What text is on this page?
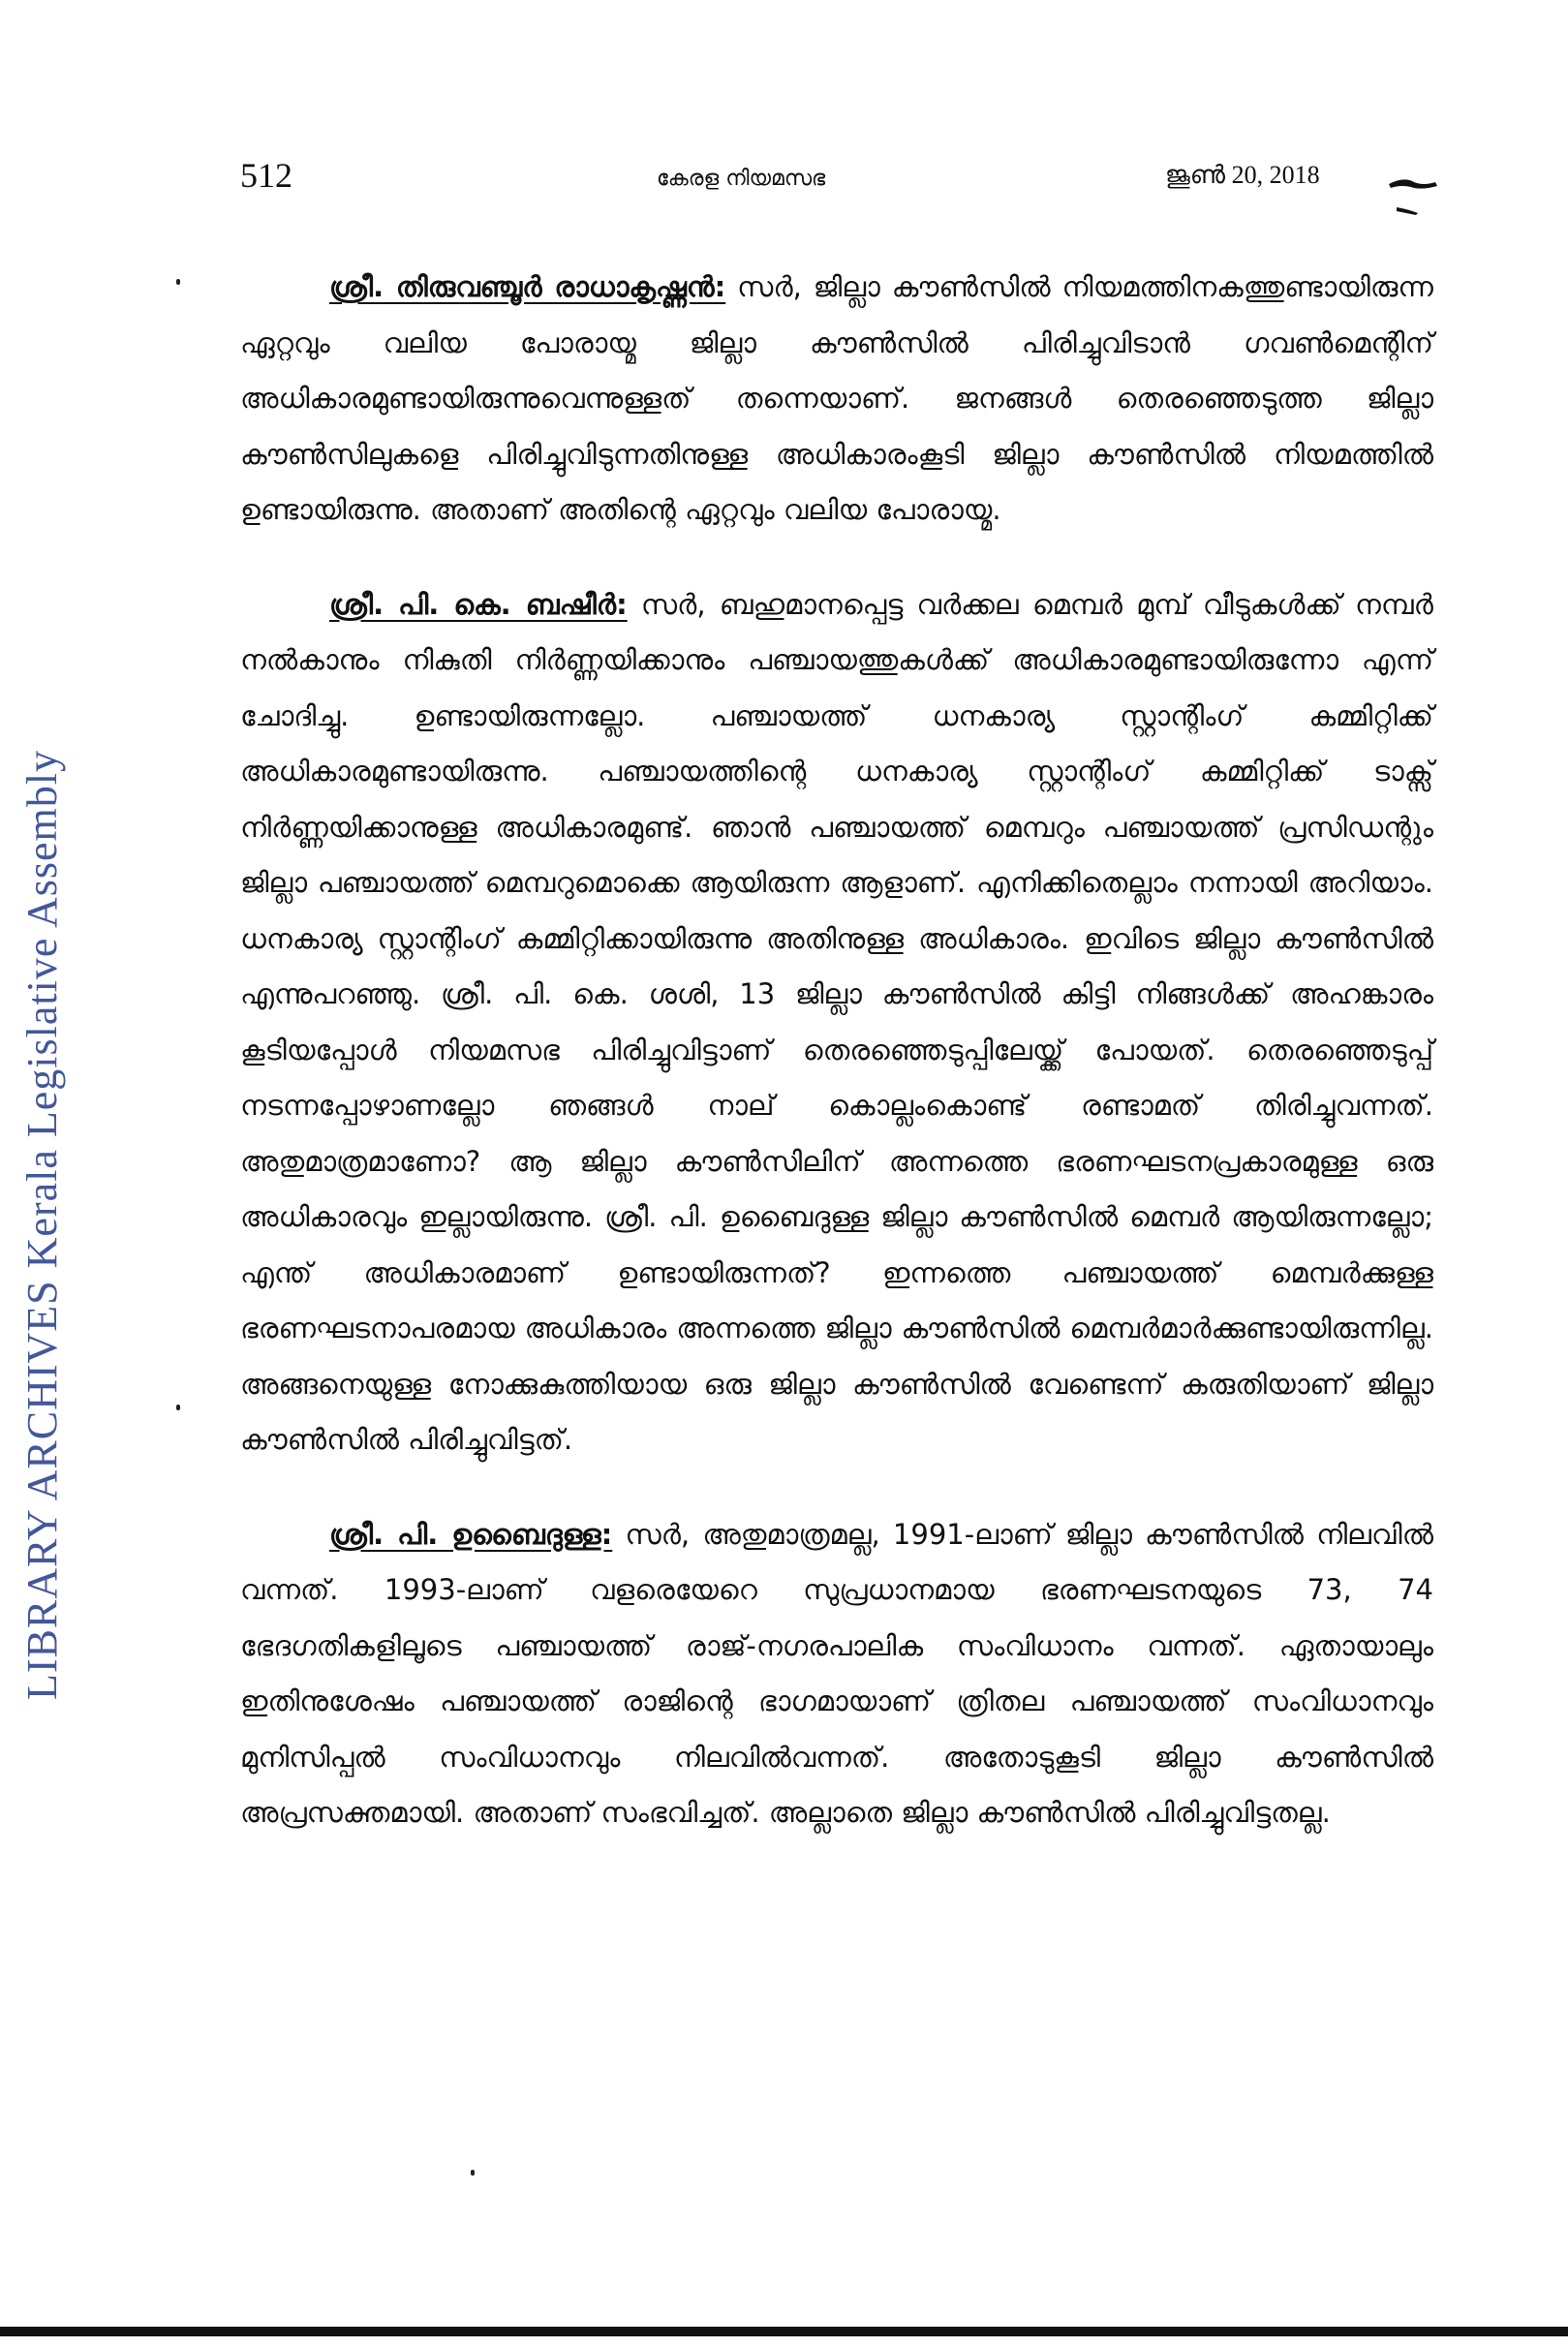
LIBRARY ARCHIVES Kerala Legislative Assembly
512	കേരള നിയമസഭ	ജൂൺ 20, 2018

ശ്രീ. തിരുവഞ്ചൂർ രാധാകൃഷ്ണൻ: സർ, ജില്ലാ കൗൺസിൽ നിയമത്തിനകത്തുണ്ടായിരുന്ന ഏറ്റവും വലിയ പോരായ്മ ജില്ലാ കൗൺസിൽ പിരിച്ചുവിടാൻ ഗവൺമെന്റിന് അധികാരമുണ്ടായിരുന്നുവെന്നുള്ളത് തന്നെയാണ്. ജനങ്ങൾ തെരഞ്ഞെടുത്ത ജില്ലാ കൗൺസിലുകളെ പിരിച്ചുവിടുന്നതിനുള്ള അധികാരംകൂടി ജില്ലാ കൗൺസിൽ നിയമത്തിൽ ഉണ്ടായിരുന്നു. അതാണ് അതിന്റെ ഏറ്റവും വലിയ പോരായ്മ.

ശ്രീ. പി. കെ. ബഷീർ: സർ, ബഹുമാനപ്പെട്ട വർക്കല മെമ്പർ മുമ്പ് വീടുകൾക്ക് നമ്പർ നൽകാനും നികുതി നിർണ്ണയിക്കാനും പഞ്ചായത്തുകൾക്ക് അധികാരമുണ്ടായിരുന്നോ എന്ന് ചോദിച്ചു. ഉണ്ടായിരുന്നല്ലോ. പഞ്ചായത്ത് ധനകാര്യ സ്റ്റാന്റിംഗ് കമ്മിറ്റിക്ക് അധികാരമുണ്ടായിരുന്നു. പഞ്ചായത്തിന്റെ ധനകാര്യ സ്റ്റാന്റിംഗ് കമ്മിറ്റിക്ക് ടാക്സ് നിർണ്ണയിക്കാനുള്ള അധികാരമുണ്ട്. ഞാൻ പഞ്ചായത്ത് മെമ്പറും പഞ്ചായത്ത് പ്രസിഡന്റും ജില്ലാ പഞ്ചായത്ത് മെമ്പറുമൊക്കെ ആയിരുന്ന ആളാണ്. എനിക്കിതെല്ലാം നന്നായി അറിയാം. ധനകാര്യ സ്റ്റാന്റിംഗ് കമ്മിറ്റിക്കായിരുന്നു അതിനുള്ള അധികാരം. ഇവിടെ ജില്ലാ കൗൺസിൽ എന്നുപറഞ്ഞു. ശ്രീ. പി. കെ. ശശി, 13 ജില്ലാ കൗൺസിൽ കിട്ടി നിങ്ങൾക്ക് അഹങ്കാരം കൂടിയപ്പോൾ നിയമസഭ പിരിച്ചുവിട്ടാണ് തെരഞ്ഞെടുപ്പിലേയ്ക്ക് പോയത്. തെരഞ്ഞെടുപ്പ് നടന്നപ്പോഴാണല്ലോ ഞങ്ങൾ നാല് കൊല്ലംകൊണ്ട് രണ്ടാമത് തിരിച്ചുവന്നത്. അതുമാത്രമാണോ? ആ ജില്ലാ കൗൺസിലിന് അന്നത്തെ ഭരണഘടനപ്രകാരമുള്ള ഒരു അധികാരവും ഇല്ലായിരുന്നു. ശ്രീ. പി. ഉബൈദുള്ള ജില്ലാ കൗൺസിൽ മെമ്പർ ആയിരുന്നല്ലോ; എന്ത് അധികാരമാണ് ഉണ്ടായിരുന്നത്? ഇന്നത്തെ പഞ്ചായത്ത് മെമ്പർക്കുള്ള ഭരണഘടനാപരമായ അധികാരം അന്നത്തെ ജില്ലാ കൗൺസിൽ മെമ്പർമാർക്കുണ്ടായിരുന്നില്ല. അങ്ങനെയുള്ള നോക്കുകുത്തിയായ ഒരു ജില്ലാ കൗൺസിൽ വേണ്ടെന്ന് കരുതിയാണ് ജില്ലാ കൗൺസിൽ പിരിച്ചുവിട്ടത്.

ശ്രീ. പി. ഉബൈദുള്ള: സർ, അതുമാത്രമല്ല, 1991-ലാണ് ജില്ലാ കൗൺസിൽ നിലവിൽ വന്നത്. 1993-ലാണ് വളരെയേറെ സുപ്രധാനമായ ഭരണഘടനയുടെ 73, 74 ഭേദഗതികളിലൂടെ പഞ്ചായത്ത് രാജ്-നഗരപാലിക സംവിധാനം വന്നത്. ഏതായാലും ഇതിനുശേഷം പഞ്ചായത്ത് രാജിന്റെ ഭാഗമായാണ് ത്രിതല പഞ്ചായത്ത് സംവിധാനവും മുനിസിപ്പൽ സംവിധാനവും നിലവിൽവന്നത്. അതോടുകൂടി ജില്ലാ കൗൺസിൽ അപ്രസക്തമായി. അതാണ് സംഭവിച്ചത്. അല്ലാതെ ജില്ലാ കൗൺസിൽ പിരിച്ചുവിട്ടതല്ല.
